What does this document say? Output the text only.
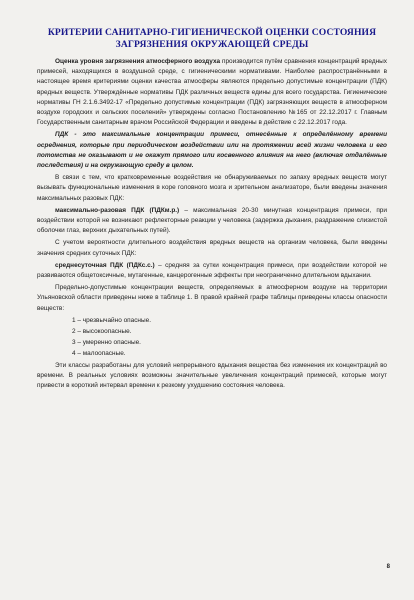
КРИТЕРИИ САНИТАРНО-ГИГИЕНИЧЕСКОЙ ОЦЕНКИ СОСТОЯНИЯ
ЗАГРЯЗНЕНИЯ ОКРУЖАЮЩЕЙ СРЕДЫ

Оценка уровня загрязнения атмосферного воздуха производится путём сравнения концентраций вредных примесей, находящихся в воздушной среде, с гигиеническими нормативами. Наиболее распространёнными в настоящее время критериями оценки качества атмосферы являются предельно допустимые концентрации (ПДК) вредных веществ. Утверждённые нормативы ПДК различных веществ едины для всего государства. Гигиенические нормативы ГН 2.1.6.3492-17 «Предельно допустимые концентрации (ПДК) загрязняющих веществ в атмосферном воздухе городских и сельских поселений» утверждены согласно Постановлению №165 от 22.12.2017 г. Главным Государственным санитарным врачом Российской Федерации и введены в действие с 22.12.2017 года.

ПДК - это максимальные концентрации примеси, отнесённые к определённому времени осреднения, которые при периодическом воздействии или на протяжении всей жизни человека и его потомства не оказывают и не окажут прямого или косвенного влияния на него (включая отдалённые последствия) и на окружающую среду в целом.

В связи с тем, что кратковременные воздействия не обнаруживаемых по запаху вредных веществ могут вызывать функциональные изменения в коре головного мозга и зрительном анализаторе, были введены значения максимальных разовых ПДК:

максимально-разовая ПДК (ПДКм.р.) – максимальная 20-30 минутная концентрация примеси, при воздействии которой не возникают рефлекторные реакции у человека (задержка дыхания, раздражение слизистой оболочки глаз, верхних дыхательных путей).

С учетом вероятности длительного воздействия вредных веществ на организм человека, были введены значения средних суточных ПДК:

среднесуточная ПДК (ПДКс.с.) – средняя за сутки концентрация примеси, при воздействии которой не развиваются общетоксичные, мутагенные, канцерогенные эффекты при неограниченно длительном вдыхании.

Предельно-допустимые концентрации веществ, определяемых в атмосферном воздухе на территории Ульяновской области приведены ниже в таблице 1. В правой крайней графе таблицы приведены классы опасности веществ:

1 – чрезвычайно опасные.

2 – высокоопасные.

3 – умеренно опасные.

4 – малоопасные.

Эти классы разработаны для условий непрерывного вдыхания вещества без изменения их концентраций во времени. В реальных условиях возможны значительные увеличения концентраций примесей, которые могут привести в короткий интервал времени к резкому ухудшению состояния человека.

8
